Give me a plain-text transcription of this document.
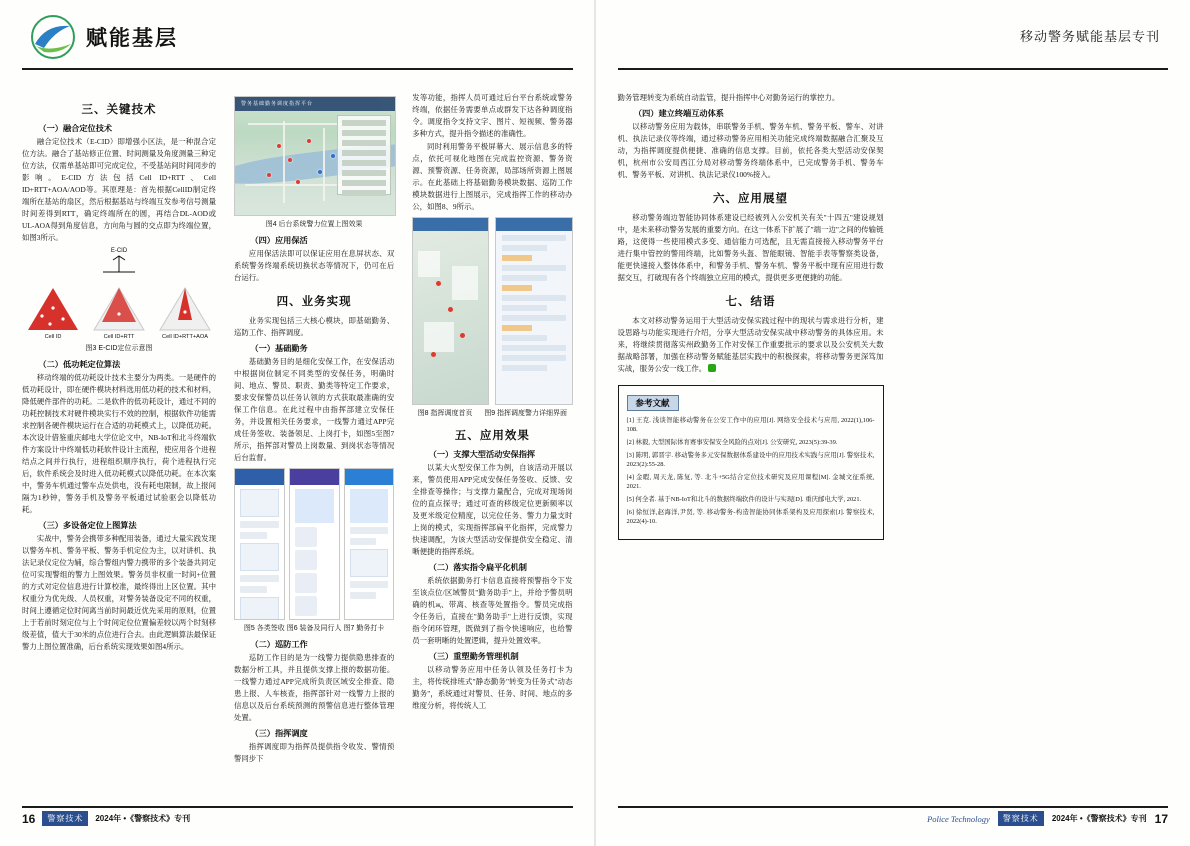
赋能基层
三、关键技术
（一）融合定位技术

融合定位技术（E-CID）即增强小区法，是一种混合定位方法。融合了基站修正位置、时间测量及角度测量三种定位方法，仅需单基站即可完成定位，不受基站间时间同步的影响。E-CID方法包括Cell ID+RTT、Cell ID+RTT+AOA/AOD等。其原理是：首先根据CellID制定终端所在基站的扇区，然后根据基站与终端互发参考信号测量时间差得到RTT，确定终端所在的圆，再结合DL-AOD或UL-AOA得到角度信息，方向角与圆的交点即为终端位置，如图3所示。

E-CID
Cell ID	Cell ID+RTT	Cell ID+RTT+AOA
图3 E-CID定位示意图
（二）低功耗定位算法

移动终端的低功耗设计技术主要分为两类。一是硬件的低功耗设计，即在硬件模块材料选用低功耗的技术和材料，降低硬件部件的功耗。二是软件的低功耗设计，通过不同的功耗控制技术对硬件模块实行不效的控制，根据软件功能需求控制各硬件模块运行在合适的功耗模式上，以降低功耗。本次设计借鉴重庆邮电大学位论文中，NB-IoT和北斗终端软件方案设计中终端低功耗软件设计主流程，使应用各个进程结点之间并行执行，进程组织顺序执行，荷个进程执行完后，软件系统会及时进入低功耗模式以降低功耗。在本次案中，警务车机通过警车点处供电，没有耗电限制，故上报间隔为1秒钟，警务手机及警务平板通过试验驱会以降低功耗。

（三）多设备定位上图算法

实战中，警务会携带多种配用装备，通过大量实践发现以警务车机、警务平板、警务手机定位为主，以对讲机、执法记录仪定位为辅，综合警组内警力携带的多个装备共同定位可实现警组的警力上图效果。警务员非权重一时间+位置的方式对定位信息进行计算校准，最终得出上区位置。其中权重分为优先级、人员权重，对警务装备设定不同的权重，时间上遵循定位时间离当前时间最近优先采用的原则，位置上于若前时刻定位与上个时间定位位置偏差较以两个时刻移级差值，值大于30米的点位进行合去。由此逻辑算法最保证警力上图位置准确，后台系统实现效果如图4所示。

警务基础勤务调度指挥平台
图4 后台系统警力位置上图效果
（四）应用保活

应用保活法即可以保证应用在息屏状态、双系统警务终端系统切换状态等情况下，仍可在后台运行。

四、业务实现

业务实现包括三大核心模块，即基础勤务、巡防工作、指挥调度。

（一）基础勤务

基础勤务目的是细化安保工作，在安保活动中根据岗位制定不同类型的安保任务，明确时间、地点、警员、职责、勤类等特定工作要求，要求安保警员以任务认领的方式获取最准确的安保工作信息。在此过程中由指挥部建立安保任务，并设置相关任务要求，一线警力通过APP完成任务签收、装备领足、上岗打卡，如图5至图7所示，指挥部对警员上岗数量、到岗状态等情况后台监督。

图5 各类签收 图6 装备及同行人 图7 勤务打卡
（二）巡防工作

巡防工作目的是为一线警力提供隐患排查的数据分析工具，并且提供支撑上报的数据功能。一线警力通过APP完成所负责区域安全排查、隐患上报、人车核查，指挥部针对一线警力上报的信息以及后台系统预测的预警信息进行整体管理处置。

（三）指挥调度

指挥调度即为指挥员提供指令收发、警情预警同步下

发等功能，指挥人员可通过后台平台系统或警务终端，依据任务需要单点或群发下达各种调度指令。调度指令支持文字、图片、短视频、警务器多种方式，提升指令描述的准确性。

同时利用警务平极屏幕大、展示信息多的特点，依托可视化地图在完成监控资源、警务资源、预警资源、任务资源，局部场所资源上图展示。在此基础上将基础勤务模块数据、巡防工作模块数据进行上图展示，完成指挥工作的移动办公，如图8、9所示。

图8 指挥调度首页 图9 指挥调度警力详细界面
五、应用效果
（一）支撑大型活动安保指挥

以某大火型安保工作为例，自该活动开展以来，警员使用APP完成安保任务签收、反馈、安全排查等操作；与支撑力量配合，完成对现场岗位的直点探寻；通过可查的移级定位更新频率以及更米级定位精度，以完位任务、警力力量支时上岗的模式，实现指挥部扁平化指挥，完成警力快速调配，为该大型活动安保提供安全稳定、清晰便捷的指挥系统。

（二）落实指令扁平化机制

系统依据勤务打卡信息直接将预警指令下发至该点位/区域警员"勤务助手"上，并给予警员明确的机җ、带离、核查等处置指令。警员完成指令任务后，直接在"勤务助手"上进行反馈，实现指令闭环管理，既做到了指令快速响应，也给警员一套明晰的处置逻辑，提升处置效率。

（三）重塑勤务管理机制

以移动警务应用中任务认领及任务打卡为主，将传统排班式"静态勤务"转变为任务式"动态勤务"，系统通过对警员、任务、时间、地点的多维度分析，将传统人工

16	警察技术	2024年 •《警察技术》专刊
移动警务赋能基层专刊

勤务管理转变为系统自动监管，提升指挥中心对勤务运行的掌控力。

（四）建立终端互动体系

以移动警务应用为载体，串联警务手机、警务车机、警务平板、警车、对讲机、执法记录仪等终端，通过移动警务应用相关功能完成终端数据融合汇聚及互动，为指挥调度提供便捷、准确的信息支撑。目前，依托各类大型活动安保契机，杭州市公安局西江分局对移动警务终端体系中，已完成警务手机、警务车机、警务平板、对讲机、执法记录仪100%接入。

六、应用展望

移动警务端边智能协同体系建设已经被列入公安机关有关"十四五"建设规划中，是未来移动警务发展的重要方向。在这一体系下扩展了"端一边"之间的传输链路，这使得一些使用模式多变、通信能力可选配，且无需直接接入移动警务平台进行集中管控的警用终端，比如警务头盔、智能眼镜、智能手表等警察类设备，能更快速接入整体体系中，和警务手机、警务车机、警务平板中现有应用进行数据交互，打破现有各个终端独立应用的模式，提供更多更便捷的功能。

七、结语

本文对移动警务运用于大型活动安保实践过程中的现状与需求进行分析，建设思路与功能实现进行介绍，分享大型活动安保实战中移动警务的具体应用。未来，将继续贯彻落实州政勤务工作对安保工作重要批示的要求以及公安机关大数据战略部署，加强在移动警务赋能基层实践中的积极探索，将移动警务更深笃加实战，服务公安一线工作。

参考文献
[1] 王克. 浅谈智能移动警务在公安工作中的应用[J]. 网络安全技术与应用, 2022(1),106-108.
[2] 林毅, 大型国际体育赛事安保安全风险的点对[J]. 公安研究, 2023(5):39-39.
[3] 陈明, 郭晋宇. 移动警务多元安保数据体系建设中的应用技术实践与应用[J]. 警察技术, 2023(2):55-28.
[4] 金暇, 周天龙, 陈复, 等. 北斗+5G结合定位技术研究及应用课程[M]. 金城文征系统, 2021.
[5] 何全者. 基于NB-IoT和北斗的数据终端软件的设计与实现[D]. 重庆邮电大学, 2021.
[6] 徐恒洋,赵海洋,尹贤, 等. 移动警务-构造智能协同体系架构及应用探索[J]. 警察技术, 2022(4)-10.
Police Technology	警察技术	2024年 •《警察技术》专刊 17
